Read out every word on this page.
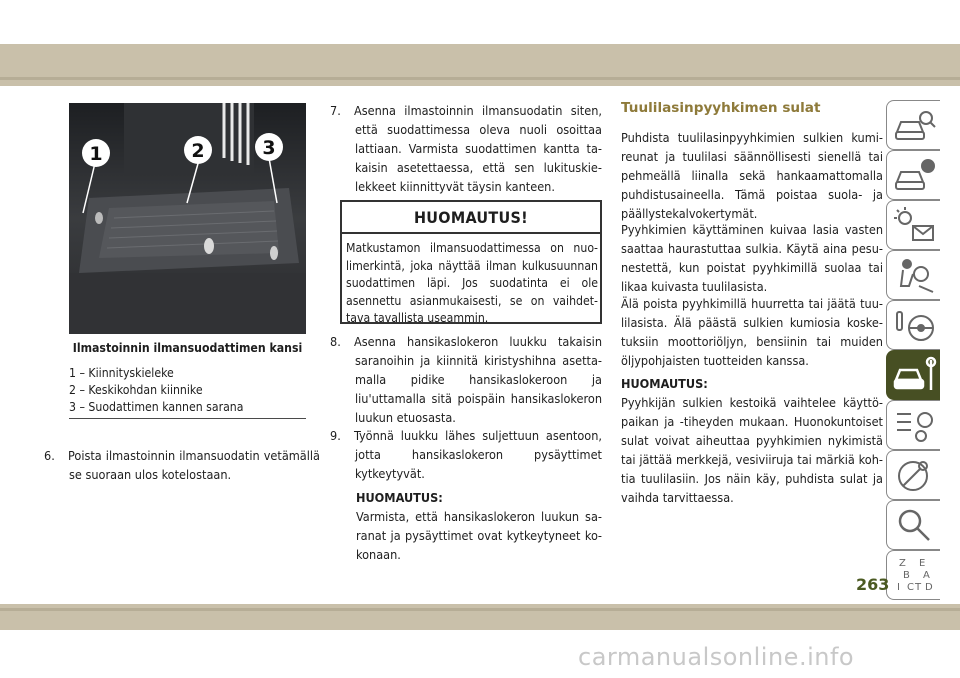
1	2	3
Ilmastoinnin ilmansuodattimen kansi
1 – Kiinnityskieleke
2 – Keskikohdan kiinnike
3 – Suodattimen kannen sarana
6.	Poista ilmastoinnin ilmansuodatin vetämällä se suoraan ulos kotelostaan.
7.	Asenna ilmastoinnin ilmansuodatin siten, että suodattimessa oleva nuoli osoittaa lattiaan. Varmista suodattimen kantta takaisin asetettaessa, että sen lukituskielekkeet kiinnittyvät täysin kanteen.
HUOMAUTUS!
Matkustamon ilmansuodattimessa on nuolimerkintä, joka näyttää ilman kulkusuunnan suodattimen läpi. Jos suodatinta ei ole asennettu asianmukaisesti, se on vaihdettava tavallista useammin.
8.	Asenna hansikaslokeron luukku takaisin saranoihin ja kiinnitä kiristyshihna asettamalla pidike hansikaslokeroon ja liu'uttamalla sitä poispäin hansikaslokeron luukun etuosasta.
9.	Työnnä luukku lähes suljettuun asentoon, jotta hansikaslokeron pysäyttimet kytkeytyvät.
HUOMAUTUS:
Varmista, että hansikaslokeron luukun saranat ja pysäyttimet ovat kytkeytyneet kokonaan.
Tuulilasinpyyhkimen sulat
Puhdista tuulilasinpyyhkimien sulkien kumireunat ja tuulilasi säännöllisesti sienellä tai pehmeällä liinalla sekä hankaamattomalla puhdistusaineella. Tämä poistaa suola- ja päällystekalvokertymät.
Pyyhkimien käyttäminen kuivaa lasia vasten saattaa haurastuttaa sulkia. Käytä aina pesunestettä, kun poistat pyyhkimillä suolaa tai likaa kuivasta tuulilasista.
Älä poista pyyhkimillä huurretta tai jäätä tuulilasista. Älä päästä sulkien kumiosia kosketuksiin moottoriöljyn, bensiinin tai muiden öljypohjaisten tuotteiden kanssa.
HUOMAUTUS:
Pyyhkijän sulkien kestoikä vaihtelee käyttöpaikan ja -tiheyden mukaan. Huonokuntoiset sulat voivat aiheuttaa pyyhkimien nykimistä tai jättää merkkejä, vesiviiruja tai märkiä kohtia tuulilasiin. Jos näin käy, puhdista sulat ja vaihda tarvittaessa.
Z E
B A
I C T D
263
carmanualsonline.info
